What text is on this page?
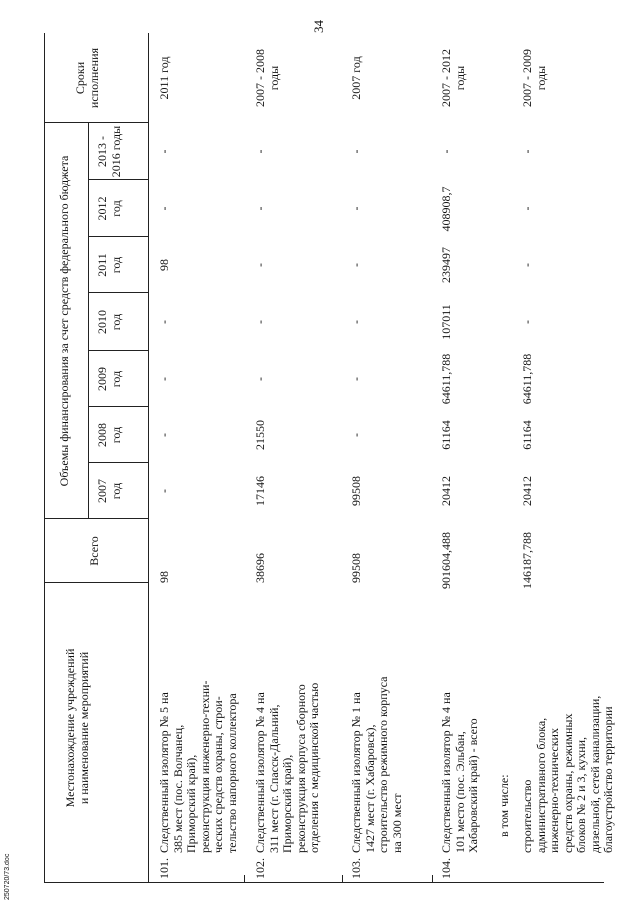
34
250720/73.doc
Местонахождение учреждений
и наименование мероприятий
Всего
Объемы финансирования за счет средств федерального бюджета
2007
год
2008
год
2009
год
2010
год
2011
год
2012
год
2013 -
2016 годы
Сроки
исполнения
101.
Следственный изолятор № 5 на
385 мест (пос. Волчанец,
Приморский край),
реконструкция инженерно-техни-
ческих средств охраны, строи-
тельство напорного коллектора
98
-
-
-
-
98
-
-
2011 год
102.
Следственный изолятор № 4 на
311 мест (г. Спасск-Дальний,
Приморский край),
реконструкция корпуса сборного
отделения с медицинской частью
38696
17146
21550
-
-
-
-
-
2007 - 2008
годы
103.
Следственный изолятор № 1 на
1427 мест (г. Хабаровск),
строительство режимного корпуса
на 300 мест
99508
99508
-
-
-
-
-
-
2007 год
104.
Следственный изолятор № 4 на
101 место (пос. Эльбан,
Хабаровский край) - всего
901604,488
20412
61164
64611,788
107011
239497
408908,7
-
2007 - 2012
годы
в том числе: строительство
административного блока,
инженерно-технических
средств охраны, режимных
блоков № 2 и 3, кухни,
дизельной, сетей канализации,
благоустройство территории
146187,788
20412
61164
64611,788
-
-
-
-
2007 - 2009
годы
